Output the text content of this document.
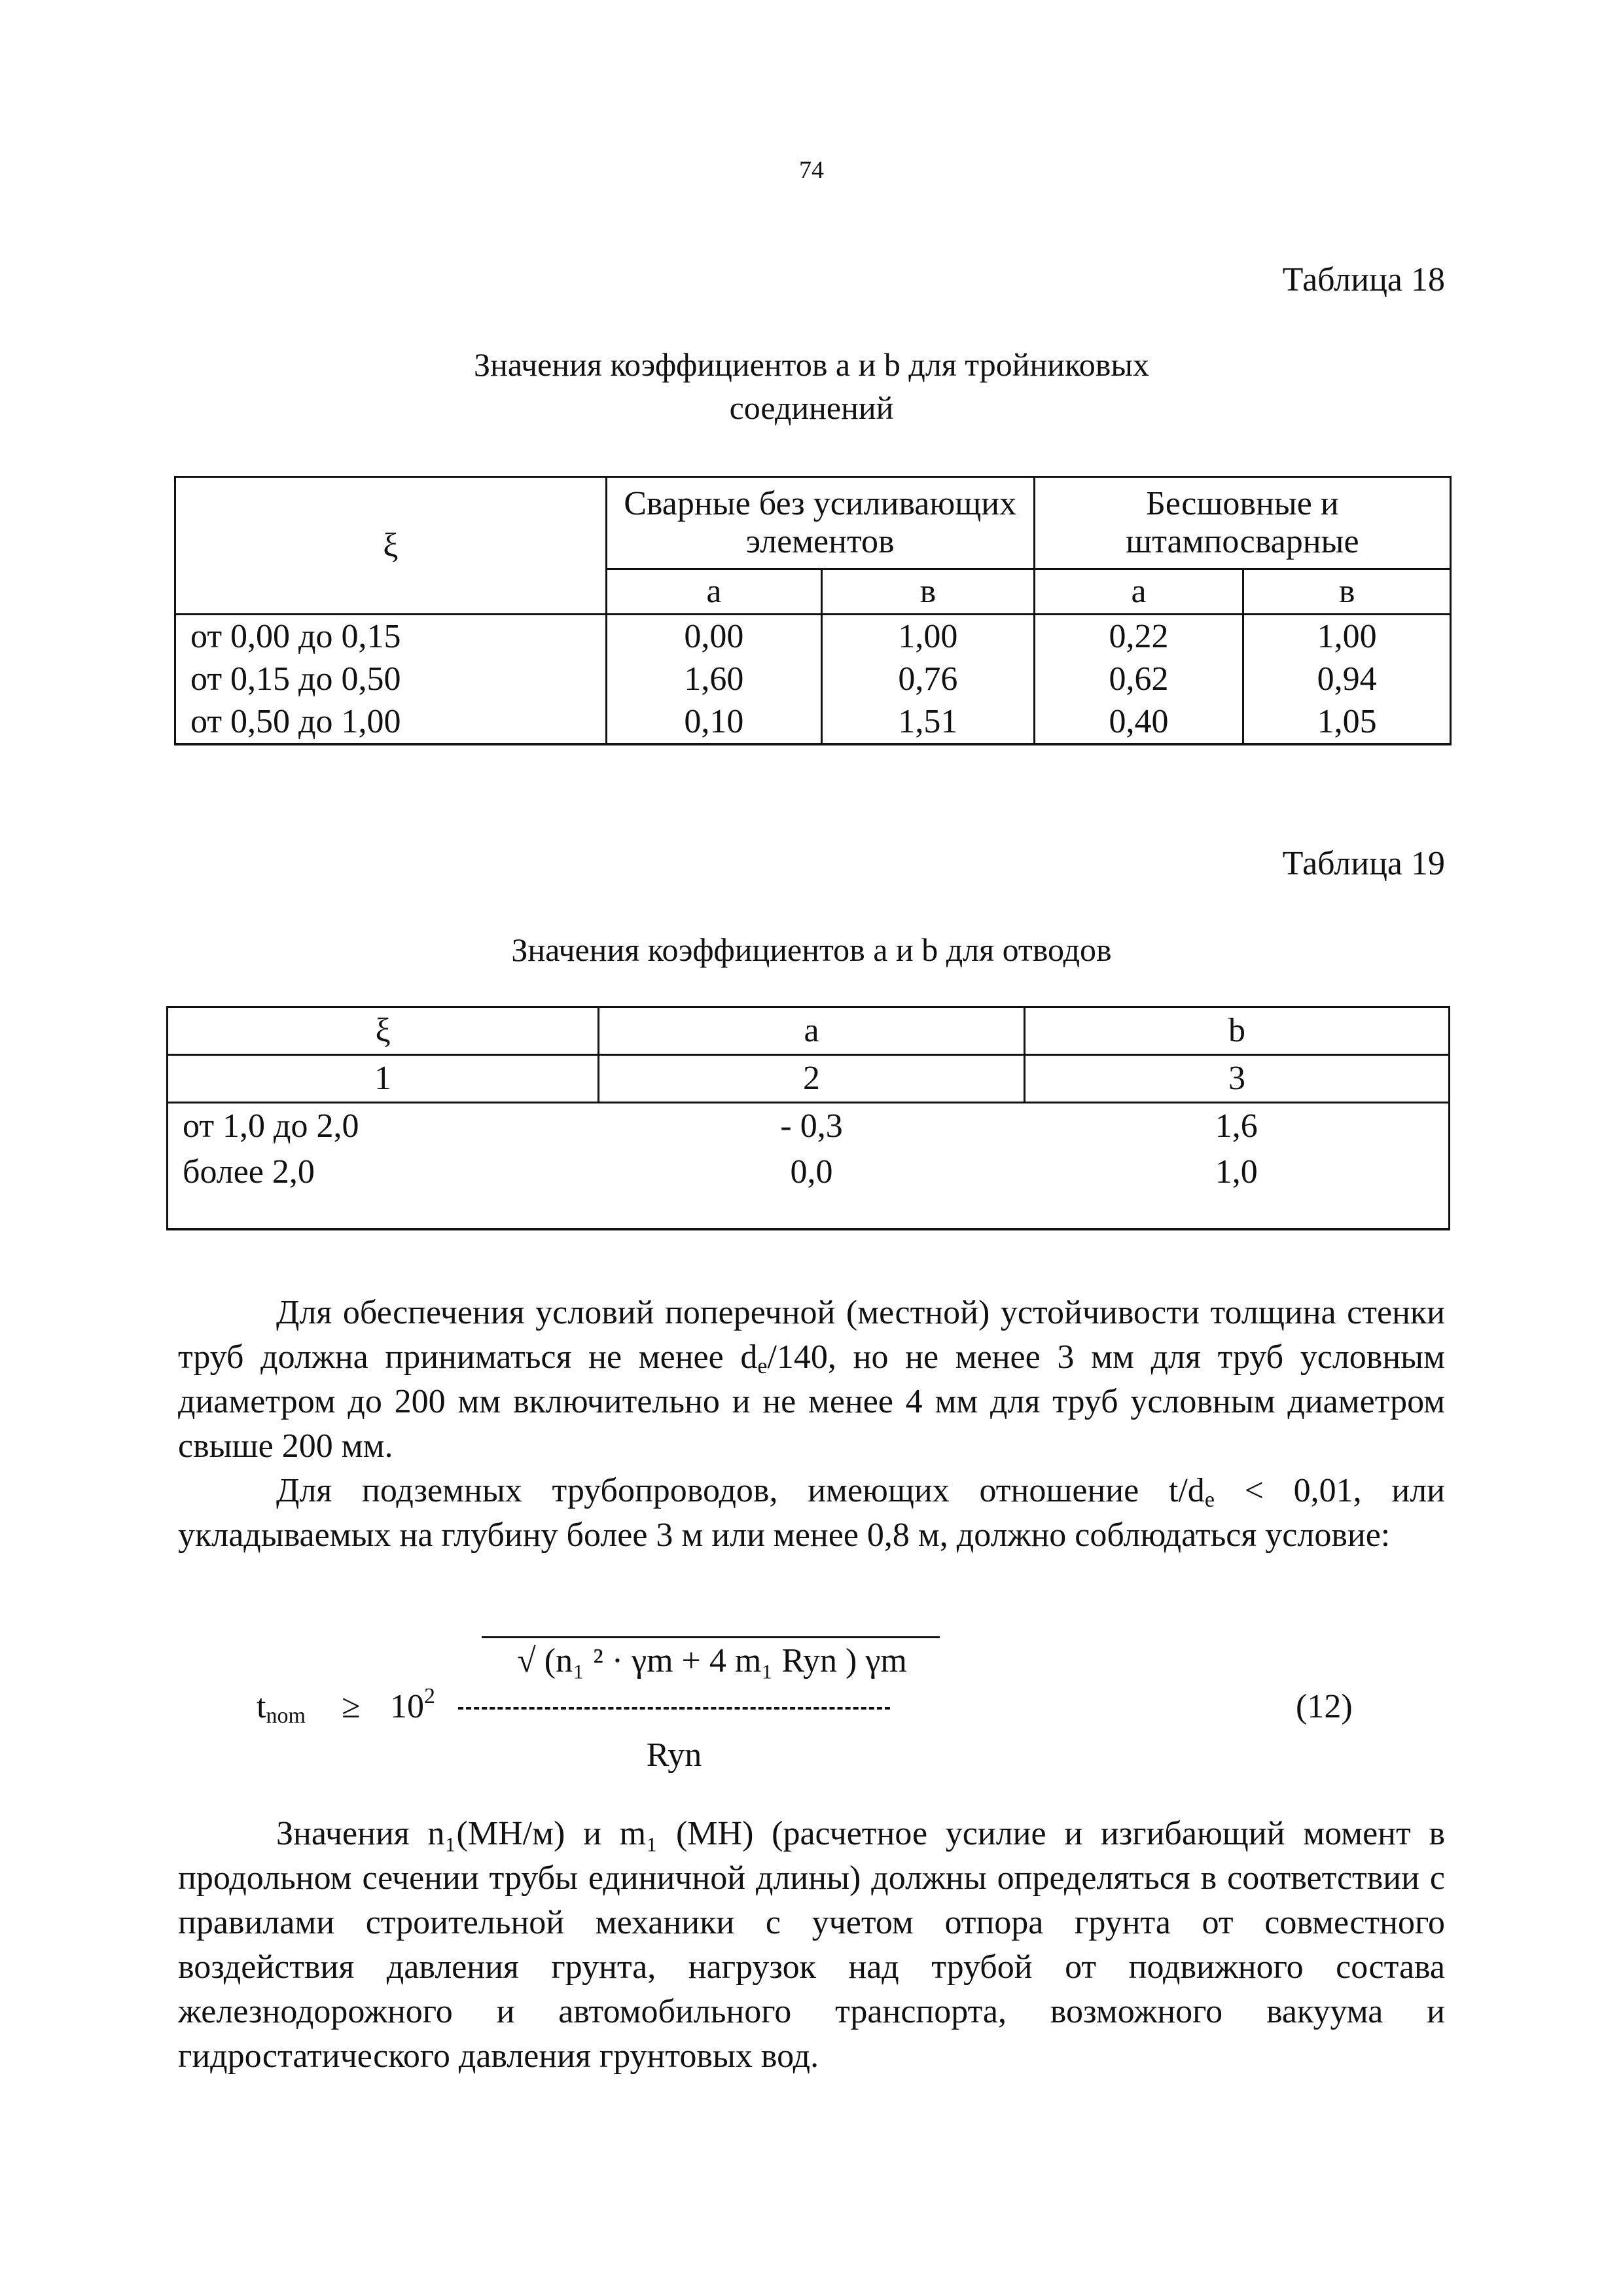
74
Таблица 18
Значения коэффициентов а и b для тройниковых
соединений
ξ	Сварные без усиливающих элементов		Бесшовные и штампосварные	
	а	в	а	в
от 0,00 до 0,15	0,00	1,00	0,22	1,00
от 0,15 до 0,50	1,60	0,76	0,62	0,94
от 0,50 до 1,00	0,10	1,51	0,40	1,05
Таблица 19
Значения коэффициентов а и b для отводов
ξ	а	b
1	2	3
от 1,0 до 2,0	- 0,3	1,6
более 2,0	0,0	1,0

Для обеспечения условий поперечной (местной) устойчивости толщина стенки труб должна приниматься не менее $d_e/140$, но не менее 3 мм для труб условным диаметром до 200 мм включительно и не менее 4 мм для труб условным диаметром свыше 200 мм.

Для подземных трубопроводов, имеющих отношение $t/d_e < 0,01$, или укладываемых на глубину более 3 м или менее 0,8 м, должно соблюдаться условие:

√ (n₁ ² · γm + 4 m₁ Ryn ) γm
$t_{nom} \ge 10^2$
Ryn
(12)

Значения n₁(МН/м) и m₁ (МН) (расчетное усилие и изгибающий момент в продольном сечении трубы единичной длины) должны определяться в соответствии с правилами строительной механики с учетом отпора грунта от совместного воздействия давления грунта, нагрузок над трубой от подвижного состава железнодорожного и автомобильного транспорта, возможного вакуума и гидростатического давления грунтовых вод.
